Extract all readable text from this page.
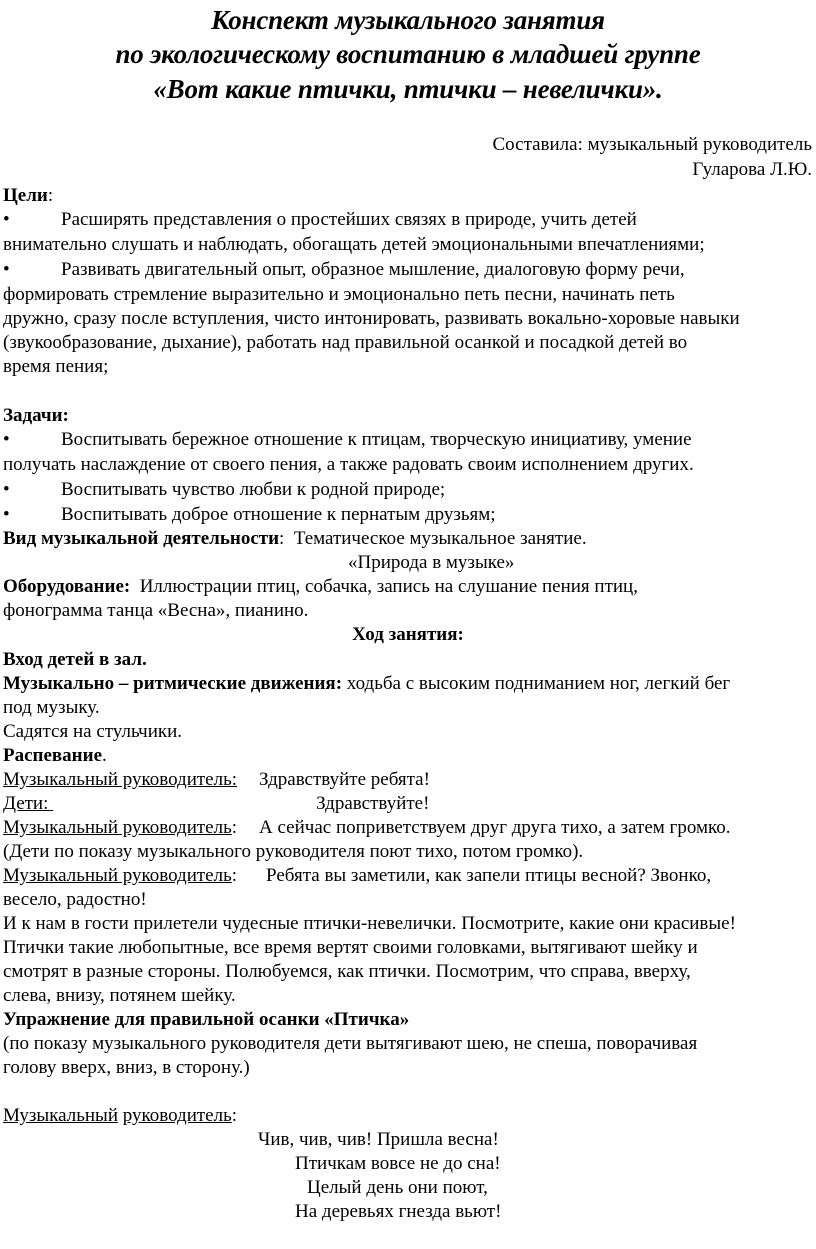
Конспект музыкального занятия
по экологическому воспитанию в младшей группе
«Вот какие птички, птички – невелички».
Составила: музыкальный руководитель
Гуларова Л.Ю.
Цели:
•	Расширять представления о простейших связях в природе, учить детей
внимательно слушать и наблюдать, обогащать детей эмоциональными впечатлениями;
•	Развивать двигательный опыт, образное мышление, диалоговую форму речи,
формировать стремление выразительно и эмоционально петь песни, начинать петь
дружно, сразу после вступления, чисто интонировать, развивать вокально-хоровые навыки
(звукообразование, дыхание), работать над правильной осанкой и посадкой детей во
время пения;
Задачи:
•	Воспитывать бережное отношение к птицам, творческую инициативу, умение
получать наслаждение от своего пения, а также радовать своим исполнением других.
•	Воспитывать чувство любви к родной природе;
•	Воспитывать доброе отношение к пернатым друзьям;
Вид музыкальной деятельности:  Тематическое музыкальное занятие.
«Природа в музыке»
Оборудование:  Иллюстрации птиц, собачка, запись на слушание пения птиц,
фонограмма танца «Весна», пианино.
Ход занятия:
Вход детей в зал.
Музыкально – ритмические движения: ходьба с высоким подниманием ног, легкий бег
под музыку.
Садятся на стульчики.
Распевание.
Музыкальный руководитель: Здравствуйте ребята!
Дети:	Здравствуйте!
Музыкальный руководитель: А сейчас поприветствуем друг друга тихо, а затем громко.
(Дети по показу музыкального руководителя поют тихо, потом громко).
Музыкальный руководитель: Ребята вы заметили, как запели птицы весной? Звонко,
весело, радостно!
И к нам в гости прилетели чудесные птички-невелички. Посмотрите, какие они красивые!
Птички такие любопытные, все время вертят своими головками, вытягивают шейку и
смотрят в разные стороны. Полюбуемся, как птички. Посмотрим, что справа, вверху,
слева, внизу, потянем шейку.
Упражнение для правильной осанки «Птичка»
(по показу музыкального руководителя дети вытягивают шею, не спеша, поворачивая
голову вверх, вниз, в сторону.)
Музыкальный руководитель:
Чив, чив, чив! Пришла весна!
Птичкам вовсе не до сна!
Целый день они поют,
На деревьях гнезда вьют!
